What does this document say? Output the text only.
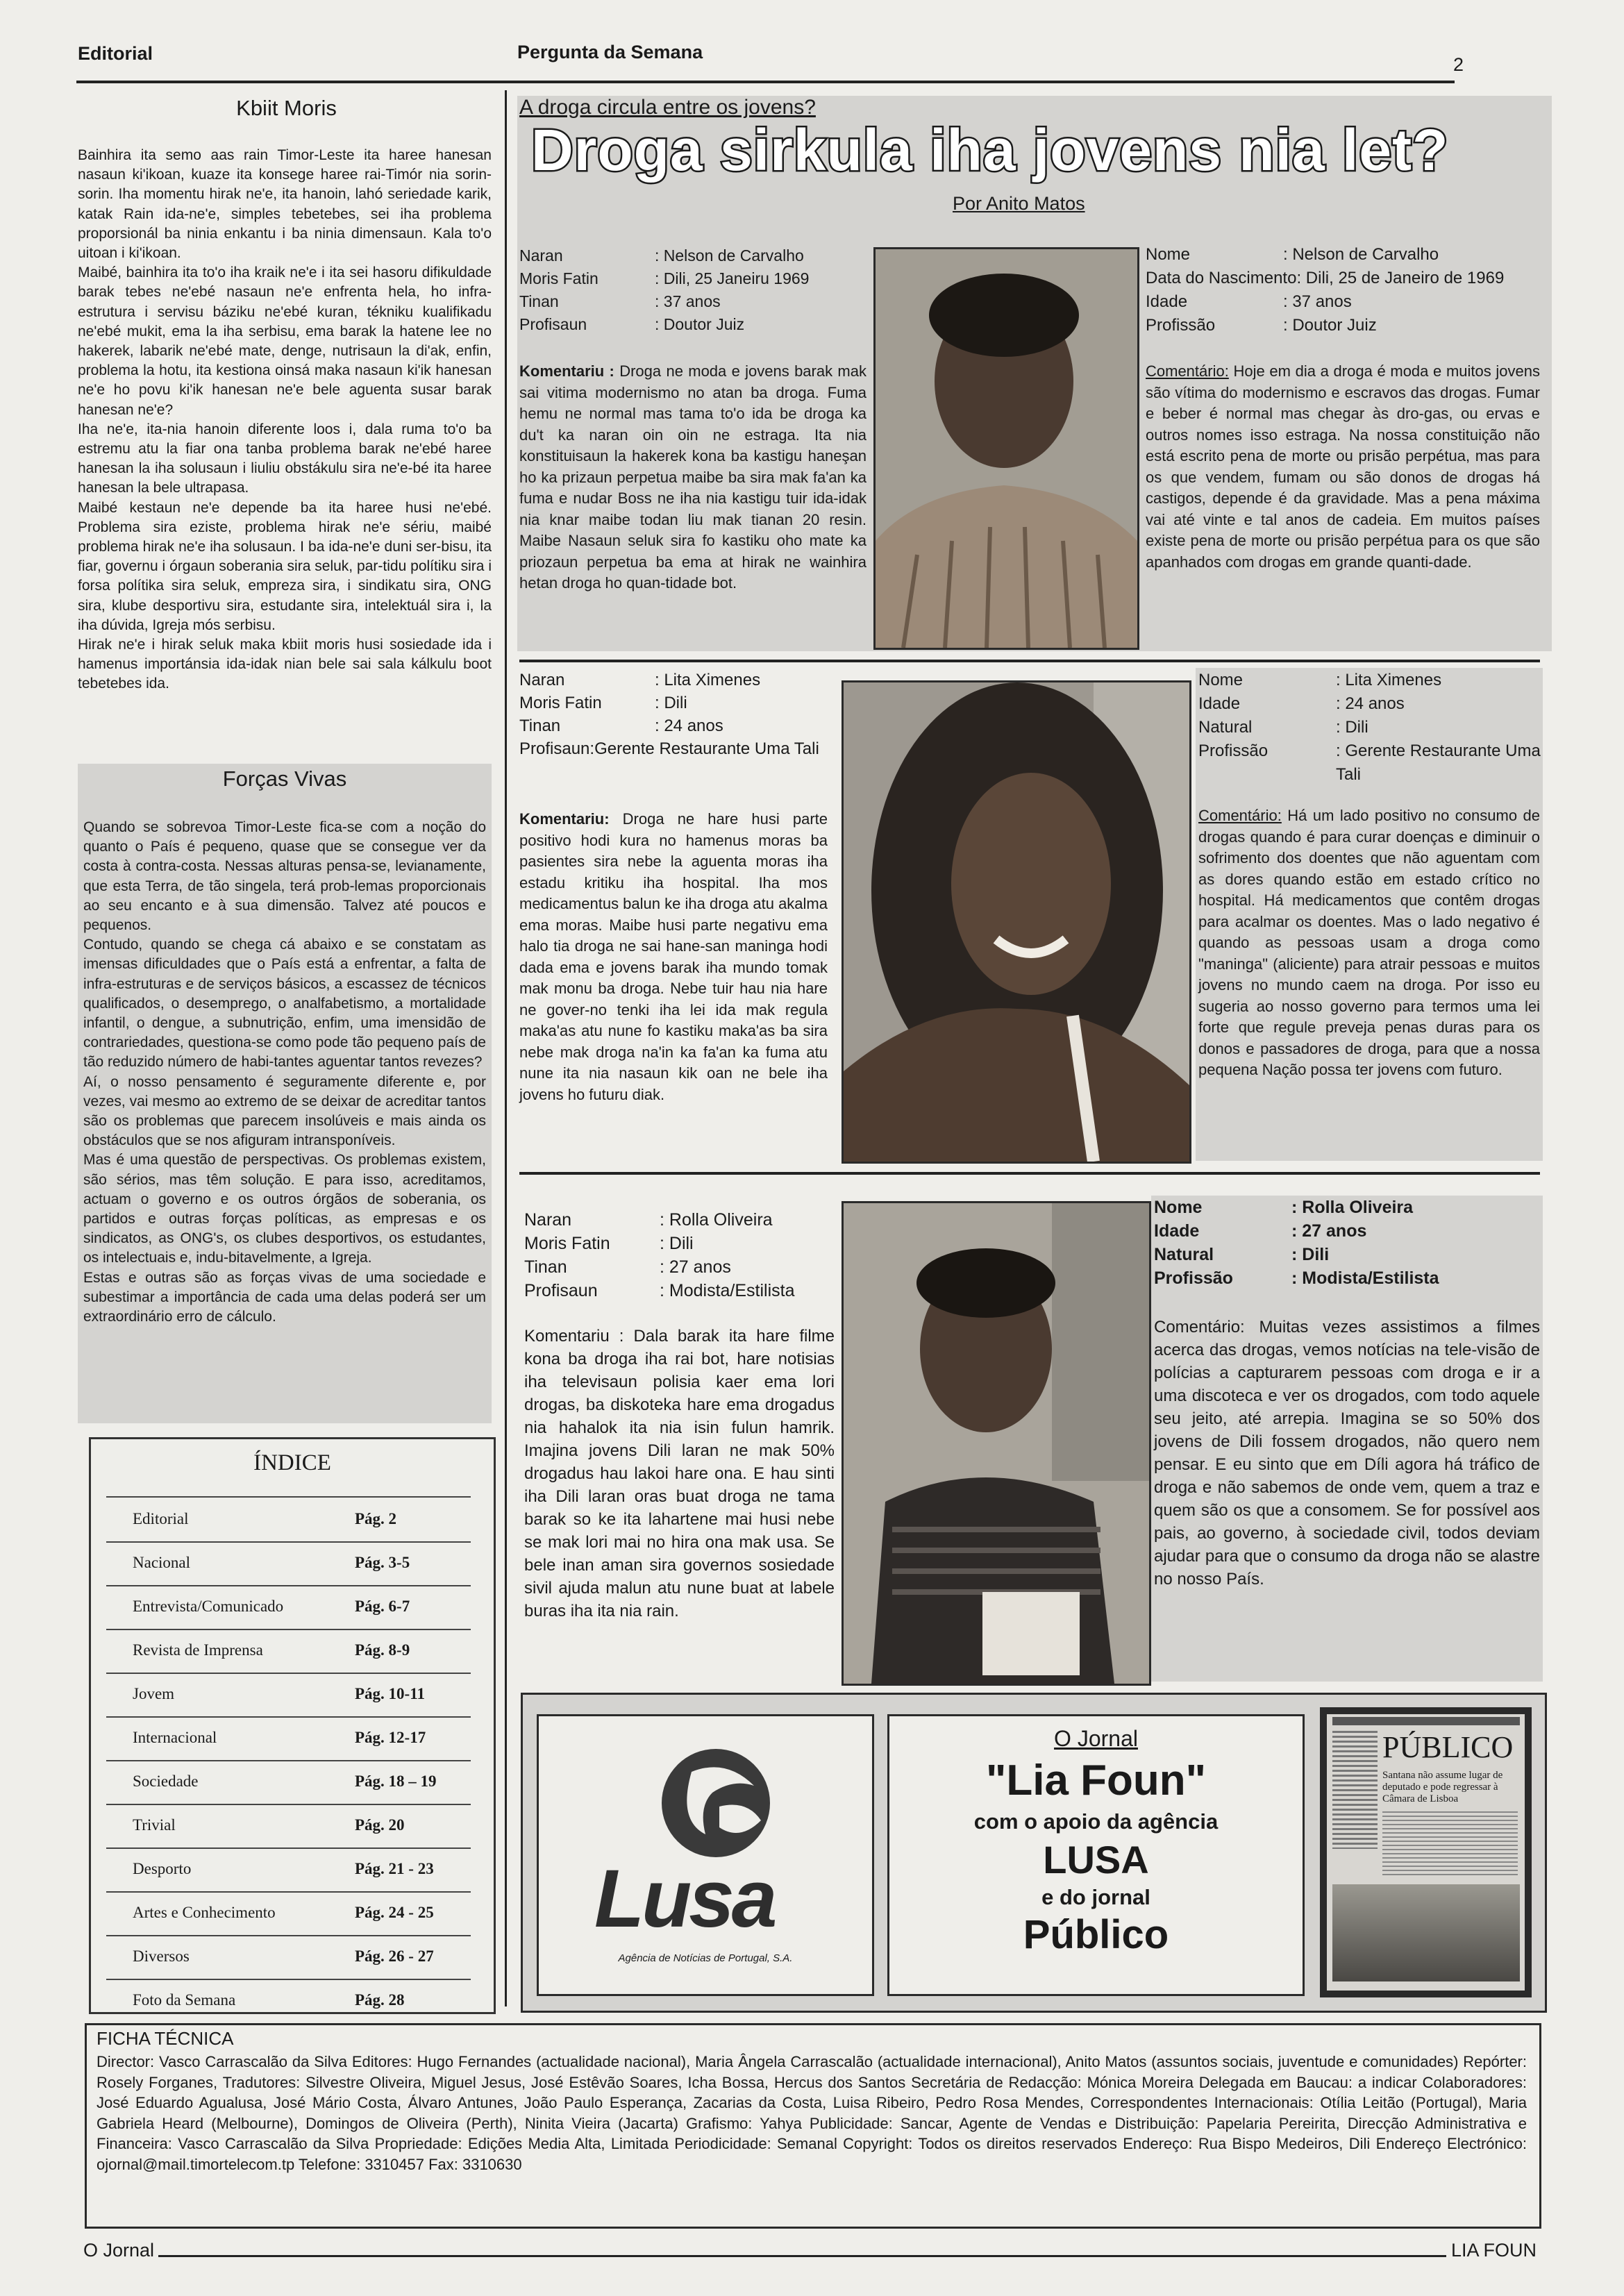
Editorial	Pergunta da Semana
2
Kbiit Moris

Bainhira ita semo aas rain Timor-Leste ita haree hanesan nasaun ki'ikoan, kuaze ita konsege haree rai-Timór nia sorin-sorin. Iha momentu hirak ne'e, ita hanoin, lahó seriedade karik, katak Rain ida-ne'e, simples tebetebes, sei iha problema proporsionál ba ninia enkantu i ba ninia dimensaun. Kala to'o uitoan i ki'ikoan.

Maibé, bainhira ita to'o iha kraik ne'e i ita sei hasoru difikuldade barak tebes ne'ebé nasaun ne'e enfrenta hela, ho infra-estrutura i servisu báziku ne'ebé kuran, tékniku kualifikadu ne'ebé mukit, ema la iha serbisu, ema barak la hatene lee no hakerek, labarik ne'ebé mate, denge, nutrisaun la di'ak, enfin, problema la hotu, ita kestiona oinsá maka nasaun ki'ik hanesan ne'e ho povu ki'ik hanesan ne'e bele aguenta susar barak hanesan ne'e?

Iha ne'e, ita-nia hanoin diferente loos i, dala ruma to'o ba estremu atu la fiar ona tanba problema barak ne'ebé haree hanesan la iha solusaun i liuliu obstákulu sira ne'e-bé ita haree hanesan la bele ultrapasa.

Maibé kestaun ne'e depende ba ita haree husi ne'ebé. Problema sira eziste, problema hirak ne'e sériu, maibé problema hirak ne'e iha solusaun. I ba ida-ne'e duni ser-bisu, ita fiar, governu i órgaun soberania sira seluk, par-tidu polítiku sira i forsa polítika sira seluk, empreza sira, i sindikatu sira, ONG sira, klube desportivu sira, estudante sira, intelektuál sira i, la iha dúvida, Igreja mós serbisu.

Hirak ne'e i hirak seluk maka kbiit moris husi sosiedade ida i hamenus importánsia ida-idak nian bele sai sala kálkulu boot tebetebes ida.

Forças Vivas

Quando se sobrevoa Timor-Leste fica-se com a noção do quanto o País é pequeno, quase que se consegue ver da costa à contra-costa. Nessas alturas pensa-se, levianamente, que esta Terra, de tão singela, terá prob-lemas proporcionais ao seu encanto e à sua dimensão. Talvez até poucos e pequenos.

Contudo, quando se chega cá abaixo e se constatam as imensas dificuldades que o País está a enfrentar, a falta de infra-estruturas e de serviços básicos, a escassez de técnicos qualificados, o desemprego, o analfabetismo, a mortalidade infantil, o dengue, a subnutrição, enfim, uma imensidão de contrariedades, questiona-se como pode tão pequeno país de tão reduzido número de habi-tantes aguentar tantos revezes?

Aí, o nosso pensamento é seguramente diferente e, por vezes, vai mesmo ao extremo de se deixar de acreditar tantos são os problemas que parecem insolúveis e mais ainda os obstáculos que se nos afiguram intransponíveis.

Mas é uma questão de perspectivas. Os problemas existem, são sérios, mas têm solução. E para isso, acreditamos, actuam o governo e os outros órgãos de soberania, os partidos e outras forças políticas, as empresas e os sindicatos, as ONG's, os clubes desportivos, os estudantes, os intelectuais e, indu-bitavelmente, a Igreja.

Estas e outras são as forças vivas de uma sociedade e subestimar a importância de cada uma delas poderá ser um extraordinário erro de cálculo.

ÍNDICE
Editorial	Pág. 2
Nacional	Pág. 3-5
Entrevista/Comunicado	Pág. 6-7
Revista de Imprensa	Pág. 8-9
Jovem	Pág. 10-11
Internacional	Pág. 12-17
Sociedade	Pág. 18 – 19
Trivial	Pág. 20
Desporto	Pág. 21 - 23
Artes e Conhecimento	Pág. 24 - 25
Diversos	Pág. 26 - 27
Foto da Semana	Pág. 28
A droga circula entre os jovens?
Droga sirkula iha jovens nia let?
Por Anito Matos
Naran	: Nelson de Carvalho
Moris Fatin	: Dili, 25 Janeiru 1969
Tinan	: 37 anos
Profisaun	: Doutor Juiz
Komentariu : Droga ne moda e jovens barak mak sai vitima modernismo no atan ba droga. Fuma hemu ne normal mas tama to'o ida be droga ka du't ka naran oin oin ne estraga. Ita nia konstituisaun la hakerek kona ba kastigu haneşan ho ka prizaun perpetua maibe ba sira mak fa'an ka fuma e nudar Boss ne iha nia kastigu tuir ida-idak nia knar maibe todan liu mak tianan 20 resin. Maibe Nasaun seluk sira fo kastiku oho mate ka priozaun perpetua ba ema at hirak ne wainhira hetan droga ho quan-tidade bot.
Nome	: Nelson de Carvalho
Data do Nascimento : Dili, 25 de Janeiro de 1969
Idade	: 37 anos
Profissão	: Doutor Juiz
Comentário: Hoje em dia a droga é moda e muitos jovens são vítima do modernismo e escravos das drogas. Fumar e beber é normal mas chegar às dro-gas, ou ervas e outros nomes isso estraga. Na nossa constituição não está escrito pena de morte ou prisão perpétua, mas para os que vendem, fumam ou são donos de drogas há castigos, depende é da gravidade. Mas a pena máxima vai até vinte e tal anos de cadeia. Em muitos países existe pena de morte ou prisão perpétua para os que são apanhados com drogas em grande quanti-dade.
Naran	: Lita Ximenes
Moris Fatin	: Dili
Tinan	: 24 anos
Profisaun:Gerente Restaurante Uma Tali
Komentariu: Droga ne hare husi parte positivo hodi kura no hamenus moras ba pasientes sira nebe la aguenta moras iha estadu kritiku iha hospital. Iha mos medicamentus balun ke iha droga atu akalma ema moras. Maibe husi parte negativu ema halo tia droga ne sai hane-san maninga hodi dada ema e jovens barak iha mundo tomak mak monu ba droga. Nebe tuir hau nia hare ne gover-no tenki iha lei ida mak regula maka'as atu nune fo kastiku maka'as ba sira nebe mak droga na'in ka fa'an ka fuma atu nune ita nia nasaun kik oan ne bele iha jovens ho futuru diak.
Nome	: Lita Ximenes
Idade	: 24 anos
Natural	: Dili
Profissão	: Gerente Restaurante Uma Tali
Comentário: Há um lado positivo no consumo de drogas quando é para curar doenças e diminuir o sofrimento dos doentes que não aguentam com as dores quando estão em estado crítico no hospital. Há medicamentos que contêm drogas para acalmar os doentes. Mas o lado negativo é quando as pessoas usam a droga como "maninga" (aliciente) para atrair pessoas e muitos jovens no mundo caem na droga. Por isso eu sugeria ao nosso governo para termos uma lei forte que regule preveja penas duras para os donos e passadores de droga, para que a nossa pequena Nação possa ter jovens com futuro.
Naran	: Rolla Oliveira
Moris Fatin	: Dili
Tinan	: 27 anos
Profisaun	: Modista/Estilista
Komentariu : Dala barak ita hare filme kona ba droga iha rai bot, hare notisias iha televisaun polisia kaer ema lori drogas, ba diskoteka hare ema drogadus nia hahalok ita nia isin fulun hamrik. Imajina jovens Dili laran ne mak 50% drogadus hau lakoi hare ona. E hau sinti iha Dili laran oras buat droga ne tama barak so ke ita lahartene mai husi nebe se mak lori mai no hira ona mak usa. Se bele inan aman sira governos sosiedade sivil ajuda malun atu nune buat at labele buras iha ita nia rain.
Nome	: Rolla Oliveira
Idade	: 27 anos
Natural	: Dili
Profissão	: Modista/Estilista
Comentário: Muitas vezes assistimos a filmes acerca das drogas, vemos notícias na tele-visão de polícias a capturarem pessoas com droga e ir a uma discoteca e ver os drogados, com todo aquele seu jeito, até arrepia. Imagina se so 50% dos jovens de Dili fossem drogados, não quero nem pensar. E eu sinto que em Díli agora há tráfico de droga e não sabemos de onde vem, quem a traz e quem são os que a consomem. Se for possível aos pais, ao governo, à sociedade civil, todos deviam ajudar para que o consumo da droga não se alastre no nosso País.
Lusa
Agência de Notícias de Portugal, S.A.
O Jornal
"Lia Foun"
com o apoio da agência
LUSA
e do jornal
Público
PÚBLICO
Santana não assume lugar de deputado e pode regressar à Câmara de Lisboa
FICHA TÉCNICA
Director: Vasco Carrascalão da Silva Editores: Hugo Fernandes (actualidade nacional), Maria Ângela Carrascalão (actualidade internacional), Anito Matos (assuntos sociais, juventude e comunidades) Repórter: Rosely Forganes, Tradutores: Silvestre Oliveira, Miguel Jesus, José Estêvão Soares, Icha Bossa, Hercus dos Santos Secretária de Redacção: Mónica Moreira Delegada em Baucau: a indicar Colaboradores: José Eduardo Agualusa, José Mário Costa, Álvaro Antunes, João Paulo Esperança, Zacarias da Costa, Luisa Ribeiro, Pedro Rosa Mendes, Correspondentes Internacionais: Otília Leitão (Portugal), Maria Gabriela Heard (Melbourne), Domingos de Oliveira (Perth), Ninita Vieira (Jacarta) Grafismo: Yahya Publicidade: Sancar, Agente de Vendas e Distribuição: Papelaria Pereirita, Direcção Administrativa e Financeira: Vasco Carrascalão da Silva Propriedade: Edições Media Alta, Limitada Periodicidade: Semanal Copyright: Todos os direitos reservados Endereço: Rua Bispo Medeiros, Dili Endereço Electrónico: ojornal@mail.timortelecom.tp Telefone: 3310457 Fax: 3310630
O Jornal	LIA FOUN
